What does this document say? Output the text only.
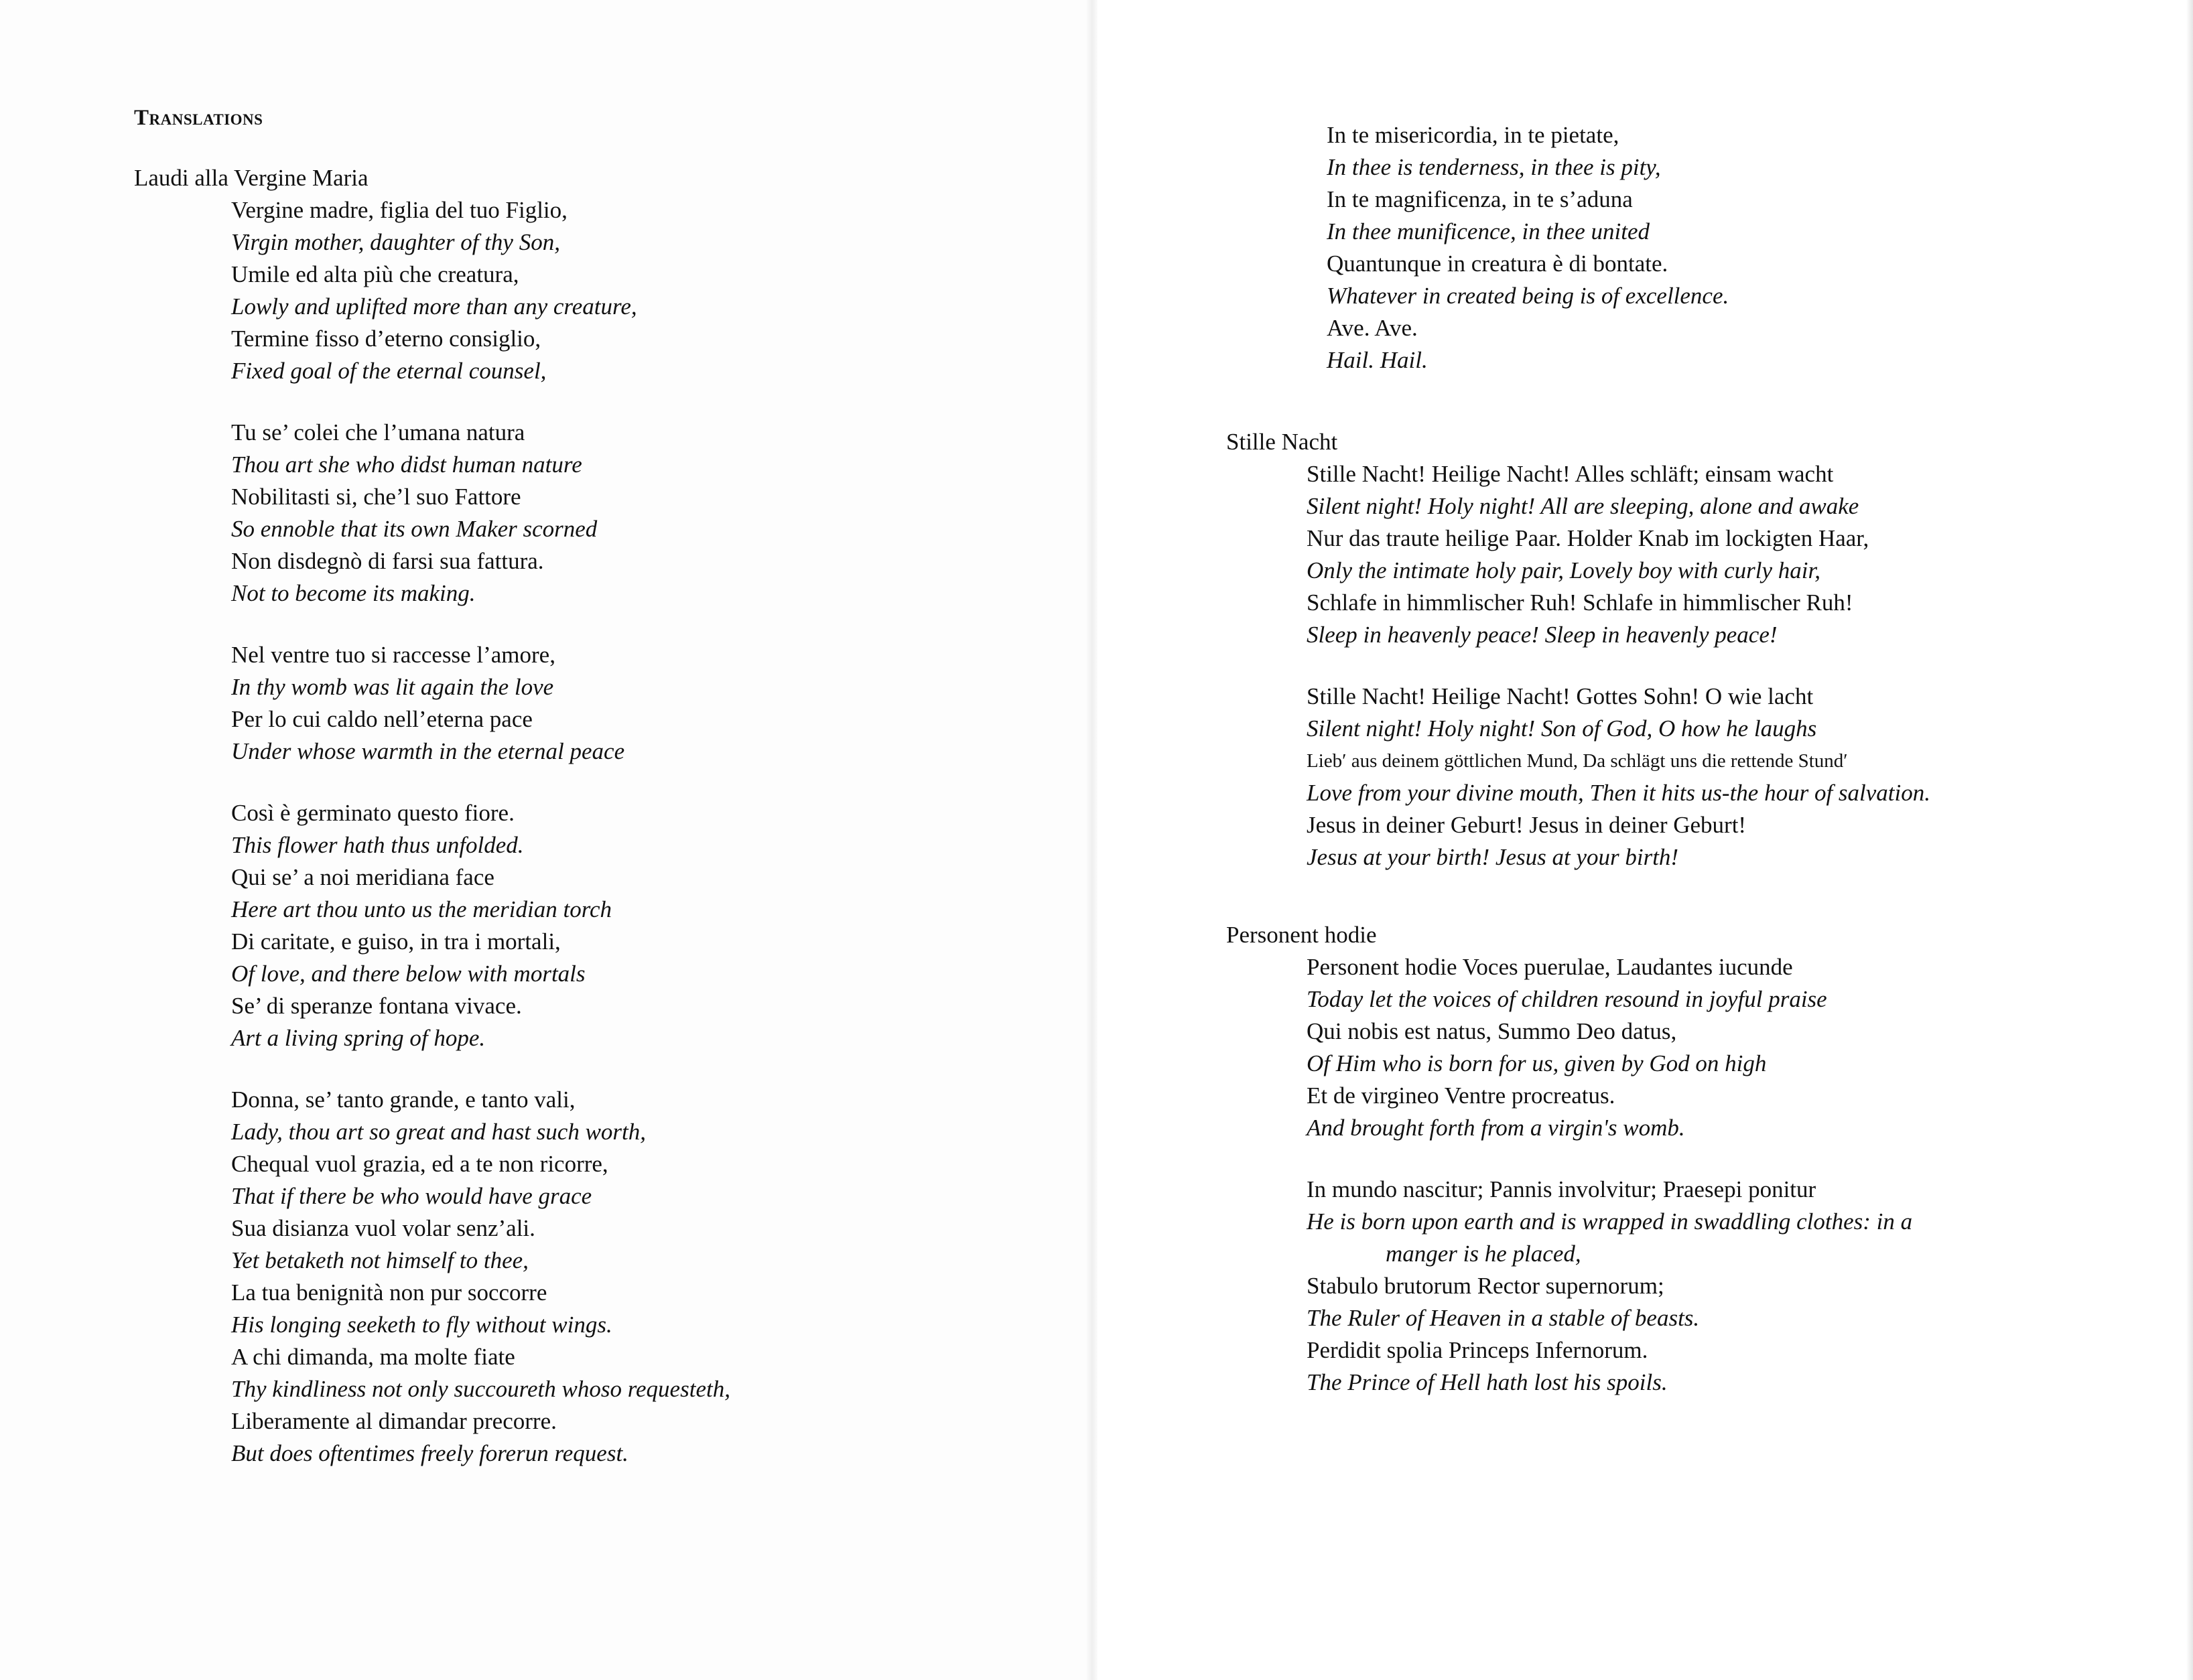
Translations
Laudi alla Vergine Maria
Vergine madre, figlia del tuo Figlio,
Virgin mother, daughter of thy Son,
Umile ed alta più che creatura,
Lowly and uplifted more than any creature,
Termine fisso d’eterno consiglio,
Fixed goal of the eternal counsel,
Tu se’ colei che l’umana natura
Thou art she who didst human nature
Nobilitasti si, che’l suo Fattore
So ennoble that its own Maker scorned
Non disdegnò di farsi sua fattura.
Not to become its making.
Nel ventre tuo si raccesse l’amore,
In thy womb was lit again the love
Per lo cui caldo nell’eterna pace
Under whose warmth in the eternal peace
Così è germinato questo fiore.
This flower hath thus unfolded.
Qui se’ a noi meridiana face
Here art thou unto us the meridian torch
Di caritate, e guiso, in tra i mortali,
Of love, and there below with mortals
Se’ di speranze fontana vivace.
Art a living spring of hope.
Donna, se’ tanto grande, e tanto vali,
Lady, thou art so great and hast such worth,
Chequal vuol grazia, ed a te non ricorre,
That if there be who would have grace
Sua disianza vuol volar senz’ali.
Yet betaketh not himself to thee,
La tua benignità non pur soccorre
His longing seeketh to fly without wings.
A chi dimanda, ma molte fiate
Thy kindliness not only succoureth whoso requesteth,
Liberamente al dimandar precorre.
But does oftentimes freely forerun request.
In te misericordia, in te pietate,
In thee is tenderness, in thee is pity,
In te magnificenza, in te s’aduna
In thee munificence, in thee united
Quantunque in creatura è di bontate.
Whatever in created being is of excellence.
Ave. Ave.
Hail. Hail.
Stille Nacht
Stille Nacht! Heilige Nacht! Alles schläft; einsam wacht
Silent night! Holy night! All are sleeping, alone and awake
Nur das traute heilige Paar. Holder Knab im lockigten Haar,
Only the intimate holy pair, Lovely boy with curly hair,
Schlafe in himmlischer Ruh! Schlafe in himmlischer Ruh!
Sleep in heavenly peace! Sleep in heavenly peace!
Stille Nacht! Heilige Nacht! Gottes Sohn! O wie lacht
Silent night! Holy night! Son of God, O how he laughs
Lieb′ aus deinem göttlichen Mund, Da schlägt uns die rettende Stund′
Love from your divine mouth, Then it hits us-the hour of salvation.
Jesus in deiner Geburt! Jesus in deiner Geburt!
Jesus at your birth! Jesus at your birth!
Personent hodie
Personent hodie Voces puerulae, Laudantes iucunde
Today let the voices of children resound in joyful praise
Qui nobis est natus, Summo Deo datus,
Of Him who is born for us, given by God on high
Et de virgineo Ventre procreatus.
And brought forth from a virgin's womb.
In mundo nascitur; Pannis involvitur; Praesepi ponitur
He is born upon earth and is wrapped in swaddling clothes: in a
manger is he placed,
Stabulo brutorum Rector supernorum;
The Ruler of Heaven in a stable of beasts.
Perdidit spolia Princeps Infernorum.
The Prince of Hell hath lost his spoils.
